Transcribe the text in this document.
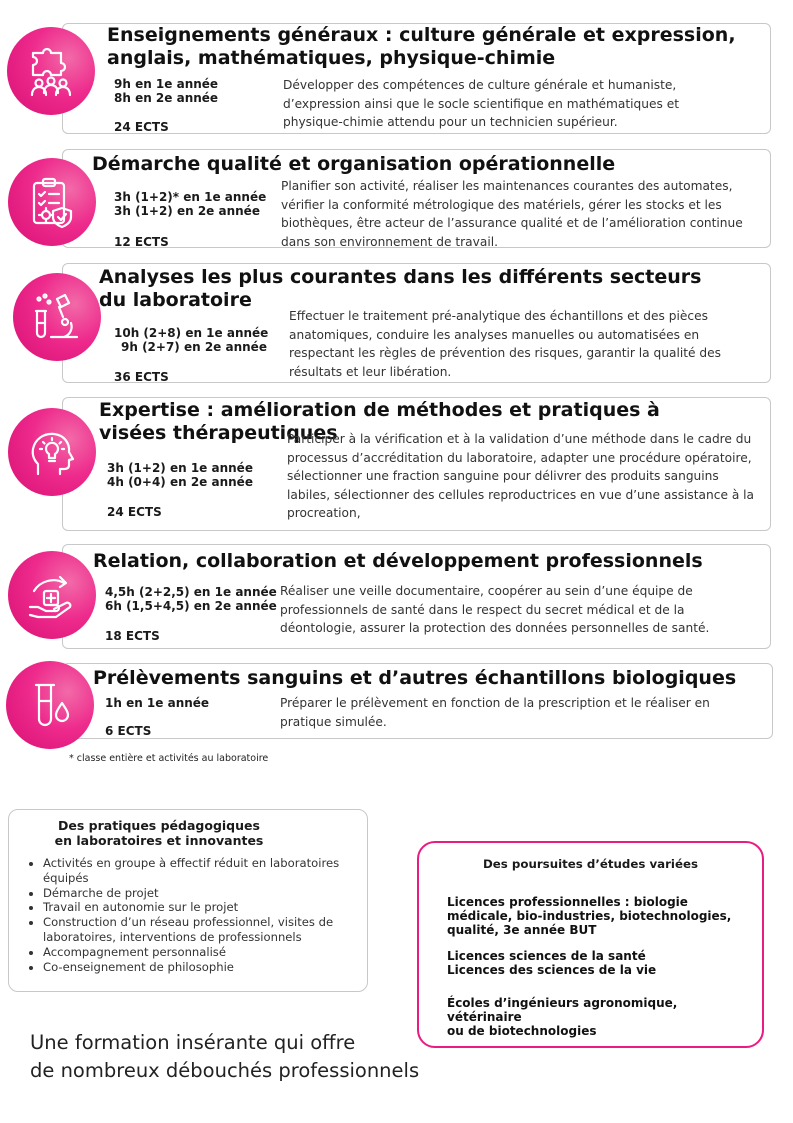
Enseignements généraux : culture générale et expression, anglais, mathématiques, physique-chimie
9h en 1e année
8h en 2e année
24 ECTS
Développer des compétences de culture générale et humaniste, d’expression ainsi que le socle scientifique en mathématiques et physique-chimie attendu pour un technicien supérieur.
Démarche qualité et organisation opérationnelle
3h (1+2)* en 1e année
3h (1+2) en 2e année
12 ECTS
Planifier son activité, réaliser les maintenances courantes des automates, vérifier la conformité métrologique des matériels, gérer les stocks et les biothèques, être acteur de l’assurance qualité et de l’amélioration continue dans son environnement de travail.
Analyses les plus courantes dans les différents secteurs du laboratoire
10h (2+8) en 1e année
9h (2+7) en 2e année
36 ECTS
Effectuer le traitement pré-analytique des échantillons et des pièces anatomiques, conduire les analyses manuelles ou automatisées en respectant les règles de prévention des risques, garantir la qualité des résultats et leur libération.
Expertise : amélioration de méthodes et pratiques à visées thérapeutiques
3h (1+2) en 1e année
4h (0+4) en 2e année
24 ECTS
Participer à la vérification et à la validation d’une méthode dans le cadre du processus d’accréditation du laboratoire, adapter une procédure opératoire, sélectionner une fraction sanguine pour délivrer des produits sanguins labiles, sélectionner des cellules reproductrices en vue d’une assistance à la procreation,
Relation, collaboration et développement professionnels
4,5h (2+2,5) en 1e année
6h (1,5+4,5) en 2e année
18 ECTS
Réaliser une veille documentaire, coopérer au sein d’une équipe de professionnels de santé dans le respect du secret médical et de la déontologie, assurer la protection des données personnelles de santé.
Prélèvements sanguins et d’autres échantillons biologiques
1h en 1e année
6 ECTS
Préparer le prélèvement en fonction de la prescription et le réaliser en pratique simulée.
* classe entière et activités au laboratoire
Des pratiques pédagogiques
en laboratoires et innovantes
• Activités en groupe à effectif réduit en laboratoires équipés
• Démarche de projet
• Travail en autonomie sur le projet
• Construction d’un réseau professionnel, visites de laboratoires, interventions de professionnels
• Accompagnement personnalisé
• Co-enseignement de philosophie
Des poursuites d’études variées
Licences professionnelles : biologie
médicale, bio-industries, biotechnologies,
qualité, 3e année BUT
Licences sciences de la santé
Licences des sciences de la vie
Écoles d’ingénieurs agronomique,
vétérinaire
ou de biotechnologies
Une formation insérante qui offre
de nombreux débouchés professionnels
